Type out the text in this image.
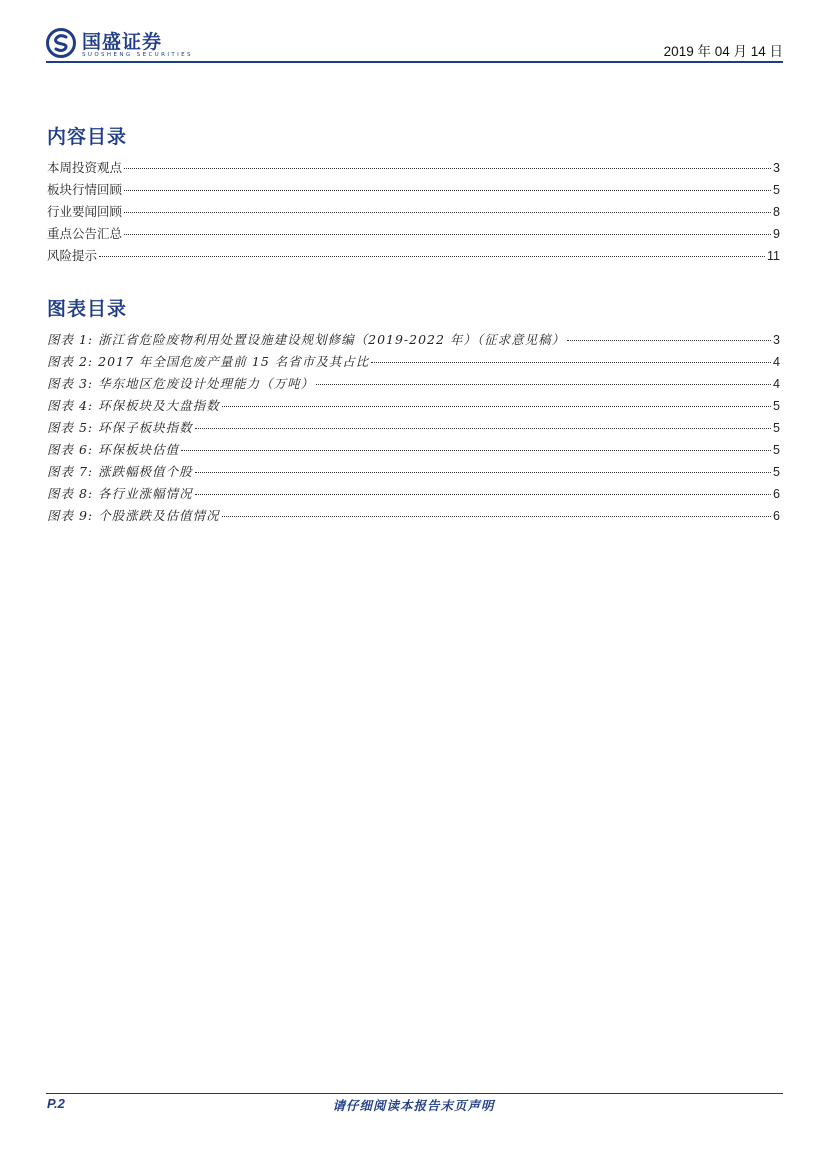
国盛证券
SUOSHENG SECURITIES	2019 年 04 月 14 日
内容目录
本周投资观点	3
板块行情回顾	5
行业要闻回顾	8
重点公告汇总	9
风险提示	11
图表目录
图表 1: 浙江省危险废物利用处置设施建设规划修编（2019-2022 年）（征求意见稿）	3
图表 2: 2017 年全国危废产量前 15 名省市及其占比	4
图表 3: 华东地区危废设计处理能力（万吨）	4
图表 4: 环保板块及大盘指数	5
图表 5: 环保子板块指数	5
图表 6: 环保板块估值	5
图表 7: 涨跌幅极值个股	5
图表 8: 各行业涨幅情况	6
图表 9: 个股涨跌及估值情况	6
P.2	请仔细阅读本报告末页声明
